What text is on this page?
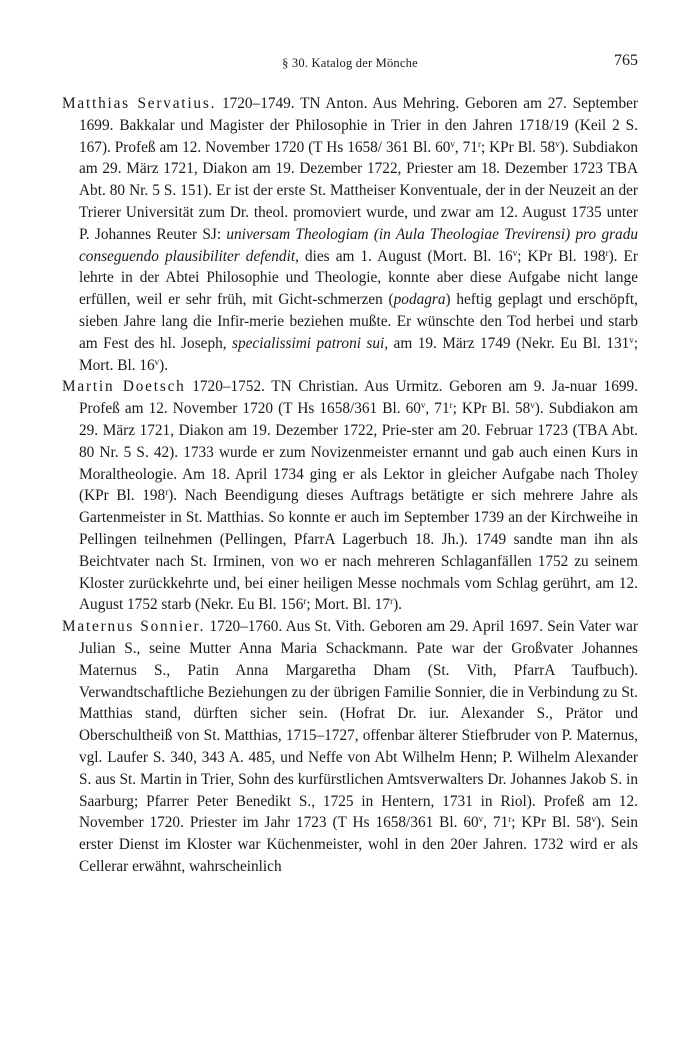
§ 30. Katalog der Mönche	765

Matthias Servatius. 1720–1749. TN Anton. Aus Mehring. Geboren am 27. September 1699. Bakkalar und Magister der Philosophie in Trier in den Jahren 1718/19 (Keil 2 S. 167). Profeß am 12. November 1720 (T Hs 1658/ 361 Bl. 60$^v$, 71$^r$; KPr Bl. 58$^v$). Subdiakon am 29. März 1721, Diakon am 19. Dezember 1722, Priester am 18. Dezember 1723 TBA Abt. 80 Nr. 5 S. 151). Er ist der erste St. Mattheiser Konventuale, der in der Neuzeit an der Trierer Universität zum Dr. theol. promoviert wurde, und zwar am 12. August 1735 unter P. Johannes Reuter SJ: universam Theologiam (in Aula Theologiae Trevirensi) pro gradu conseguendo plausibiliter defendit, dies am 1. August (Mort. Bl. 16$^v$; KPr Bl. 198$^r$). Er lehrte in der Abtei Philosophie und Theologie, konnte aber diese Aufgabe nicht lange erfüllen, weil er sehr früh, mit Gicht-schmerzen (podagra) heftig geplagt und erschöpft, sieben Jahre lang die Infir-merie beziehen mußte. Er wünschte den Tod herbei und starb am Fest des hl. Joseph, specialissimi patroni sui, am 19. März 1749 (Nekr. Eu Bl. 131$^v$; Mort. Bl. 16$^v$).

Martin Doetsch 1720–1752. TN Christian. Aus Urmitz. Geboren am 9. Ja-nuar 1699. Profeß am 12. November 1720 (T Hs 1658/361 Bl. 60$^v$, 71$^r$; KPr Bl. 58$^v$). Subdiakon am 29. März 1721, Diakon am 19. Dezember 1722, Prie-ster am 20. Februar 1723 (TBA Abt. 80 Nr. 5 S. 42). 1733 wurde er zum Novizenmeister ernannt und gab auch einen Kurs in Moraltheologie. Am 18. April 1734 ging er als Lektor in gleicher Aufgabe nach Tholey (KPr Bl. 198$^r$). Nach Beendigung dieses Auftrags betätigte er sich mehrere Jahre als Gartenmeister in St. Matthias. So konnte er auch im September 1739 an der Kirchweihe in Pellingen teilnehmen (Pellingen, PfarrA Lagerbuch 18. Jh.). 1749 sandte man ihn als Beichtvater nach St. Irminen, von wo er nach mehreren Schlaganfällen 1752 zu seinem Kloster zurückkehrte und, bei einer heiligen Messe nochmals vom Schlag gerührt, am 12. August 1752 starb (Nekr. Eu Bl. 156$^r$; Mort. Bl. 17$^r$).

Maternus Sonnier. 1720–1760. Aus St. Vith. Geboren am 29. April 1697. Sein Vater war Julian S., seine Mutter Anna Maria Schackmann. Pate war der Großvater Johannes Maternus S., Patin Anna Margaretha Dham (St. Vith, PfarrA Taufbuch). Verwandtschaftliche Beziehungen zu der übrigen Familie Sonnier, die in Verbindung zu St. Matthias stand, dürften sicher sein. (Hofrat Dr. iur. Alexander S., Prätor und Oberschultheiß von St. Matthias, 1715–1727, offenbar älterer Stiefbruder von P. Maternus, vgl. Laufer S. 340, 343 A. 485, und Neffe von Abt Wilhelm Henn; P. Wilhelm Alexander S. aus St. Martin in Trier, Sohn des kurfürstlichen Amtsverwalters Dr. Johannes Jakob S. in Saarburg; Pfarrer Peter Benedikt S., 1725 in Hentern, 1731 in Riol). Profeß am 12. November 1720. Priester im Jahr 1723 (T Hs 1658/361 Bl. 60$^v$, 71$^r$; KPr Bl. 58$^v$). Sein erster Dienst im Kloster war Küchenmeister, wohl in den 20er Jahren. 1732 wird er als Cellerar erwähnt, wahrscheinlich
